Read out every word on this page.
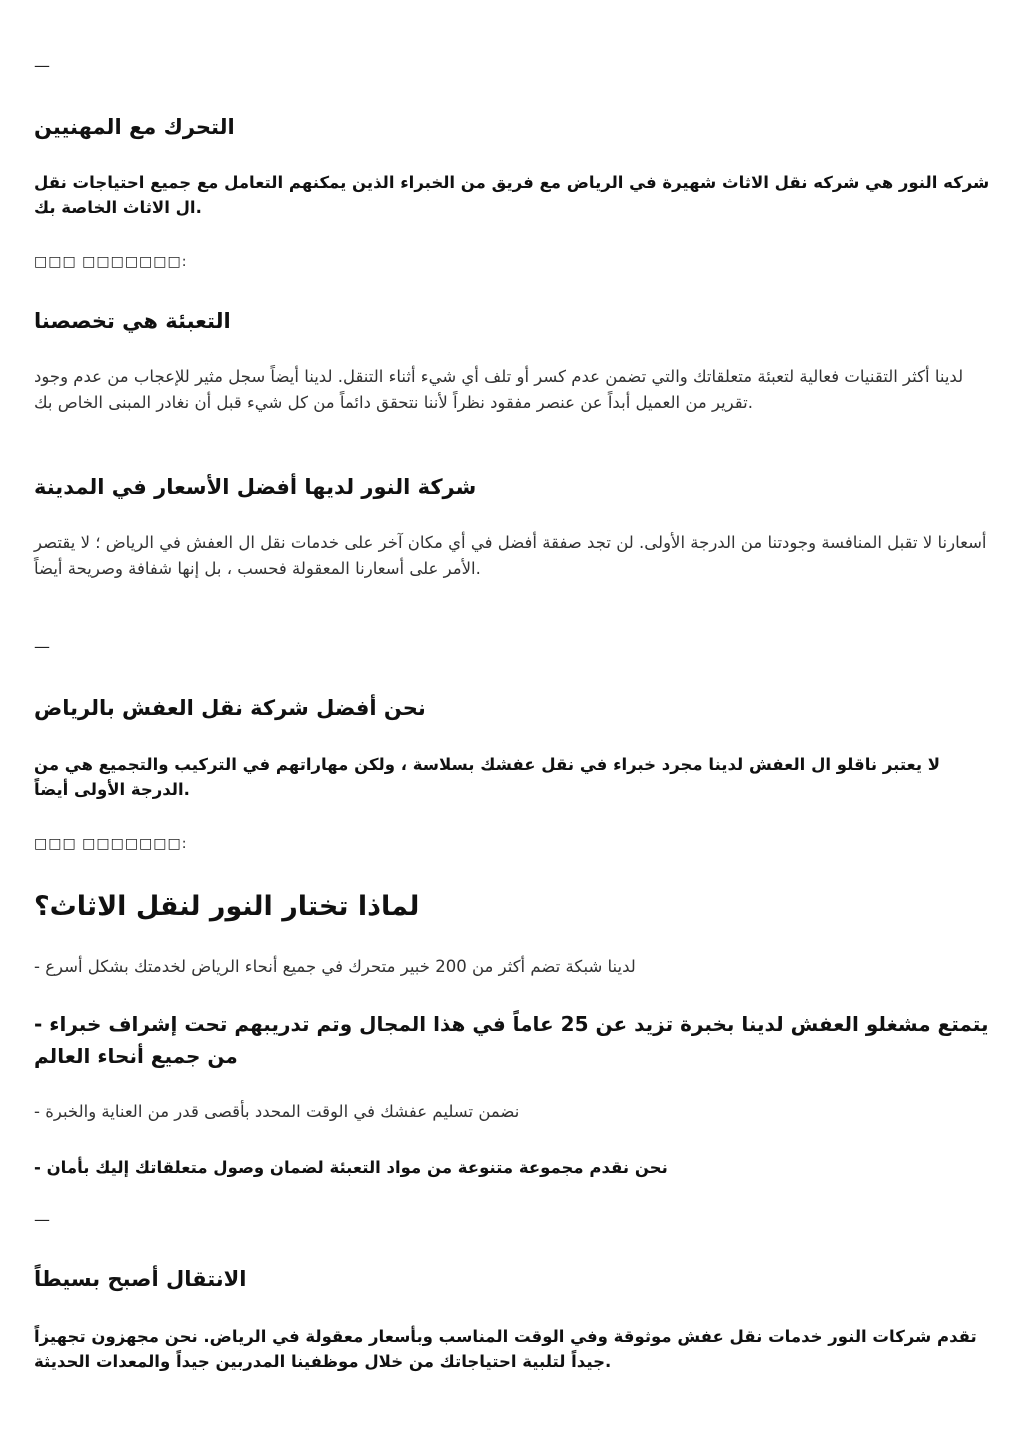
—
التحرك مع المهنيين

شركه النور هي شركه نقل الاثاث شهيرة في الرياض مع فريق من الخبراء الذين يمكنهم التعامل مع جميع احتياجات نقل ال الاثاث الخاصة بك.

□□□ □□□□□□□:

التعبئة هي تخصصنا

لدينا أكثر التقنيات فعالية لتعبئة متعلقاتك والتي تضمن عدم كسر أو تلف أي شيء أثناء التنقل. لدينا أيضاً سجل مثير للإعجاب من عدم وجود تقرير من العميل أبداً عن عنصر مفقود نظراً لأننا نتحقق دائماً من كل شيء قبل أن نغادر المبنى الخاص بك.

شركة النور لديها أفضل الأسعار في المدينة

أسعارنا لا تقبل المنافسة وجودتنا من الدرجة الأولى. لن تجد صفقة أفضل في أي مكان آخر على خدمات نقل ال العفش في الرياض ؛ لا يقتصر الأمر على أسعارنا المعقولة فحسب ، بل إنها شفافة وصريحة أيضاً.

—
نحن أفضل شركة نقل العفش بالرياض

لا يعتبر ناقلو ال العفش لدينا مجرد خبراء في نقل عفشك بسلاسة ، ولكن مهاراتهم في التركيب والتجميع هي من الدرجة الأولى أيضاً.

□□□ □□□□□□□:

لماذا تختار النور لنقل الاثاث؟

- لدينا شبكة تضم أكثر من 200 خبير متحرك في جميع أنحاء الرياض لخدمتك بشكل أسرع

- يتمتع مشغلو العفش لدينا بخبرة تزيد عن 25 عاماً في هذا المجال وتم تدريبهم تحت إشراف خبراء من جميع أنحاء العالم

- نضمن تسليم عفشك في الوقت المحدد بأقصى قدر من العناية والخبرة

- نحن نقدم مجموعة متنوعة من مواد التعبئة لضمان وصول متعلقاتك إليك بأمان

—
الانتقال أصبح بسيطاً

تقدم شركات النور خدمات نقل عفش موثوقة وفي الوقت المناسب وبأسعار معقولة في الرياض. نحن مجهزون تجهيزاً جيداً لتلبية احتياجاتك من خلال موظفينا المدربين جيداً والمعدات الحديثة.
